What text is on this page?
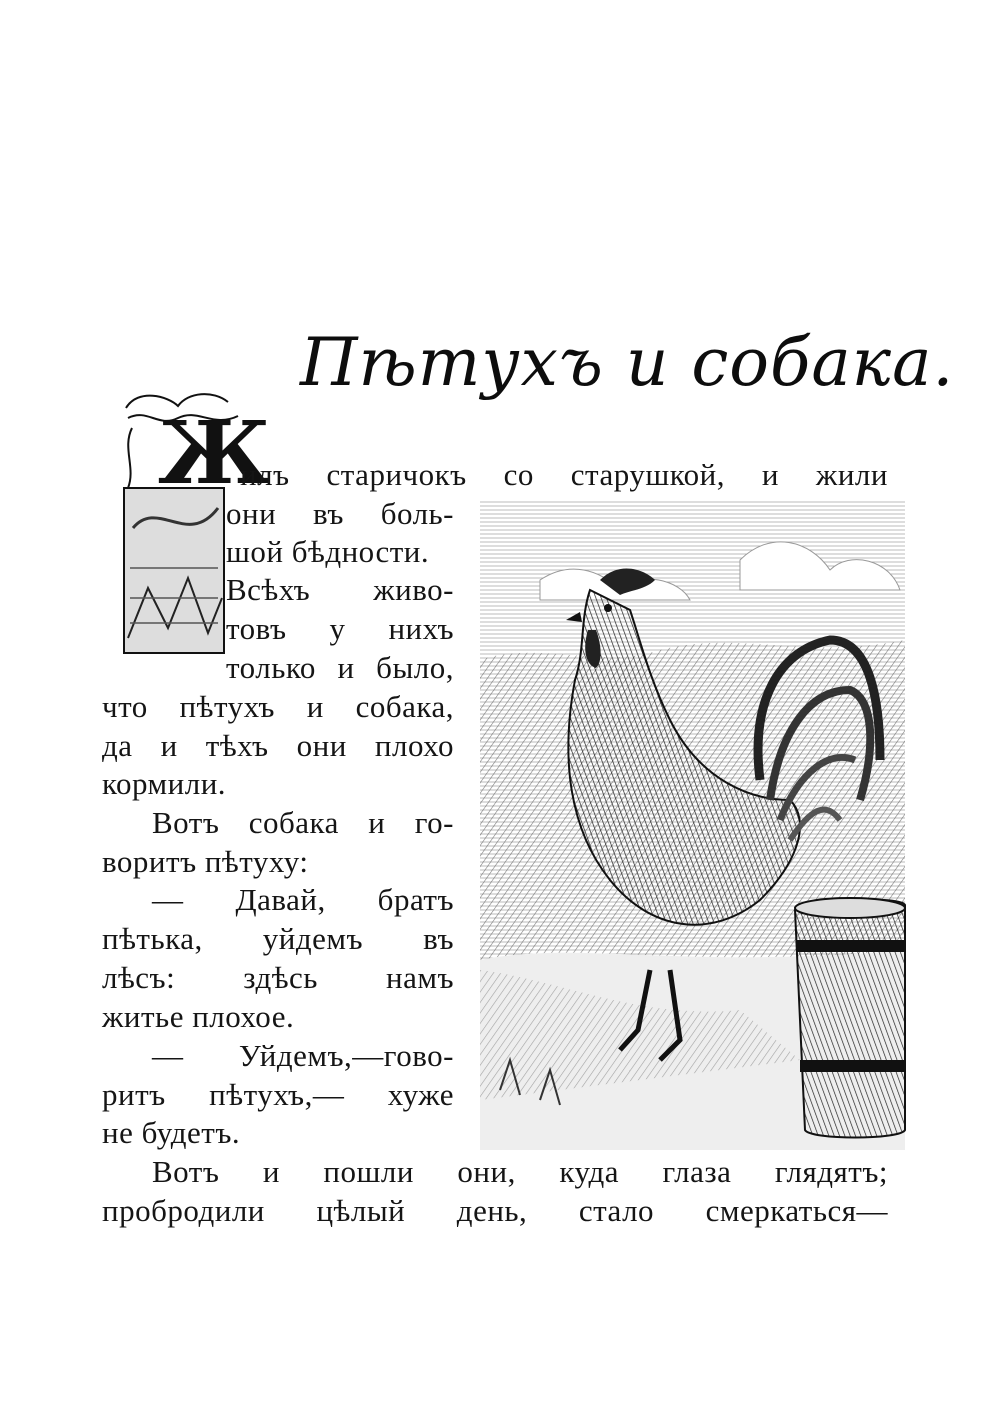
Пѣтухъ и собака.
Ж
илъ старичокъ со старушкой, и жили
они въ боль-
шой бѣдности.
Всѣхъ живо-
товъ у нихъ
только и было,
что пѣтухъ и собака,
да и тѣхъ они плохо
кормили.
Вотъ собака и го-
воритъ пѣтуху:
— Давай, братъ
пѣтька, уйдемъ въ
лѣсъ: здѣсь намъ
житье плохое.
— Уйдемъ,—гово-
ритъ пѣтухъ,— хуже
не будетъ.
Вотъ и пошли они, куда глаза глядятъ;
пробродили цѣлый день, стало смеркаться—
